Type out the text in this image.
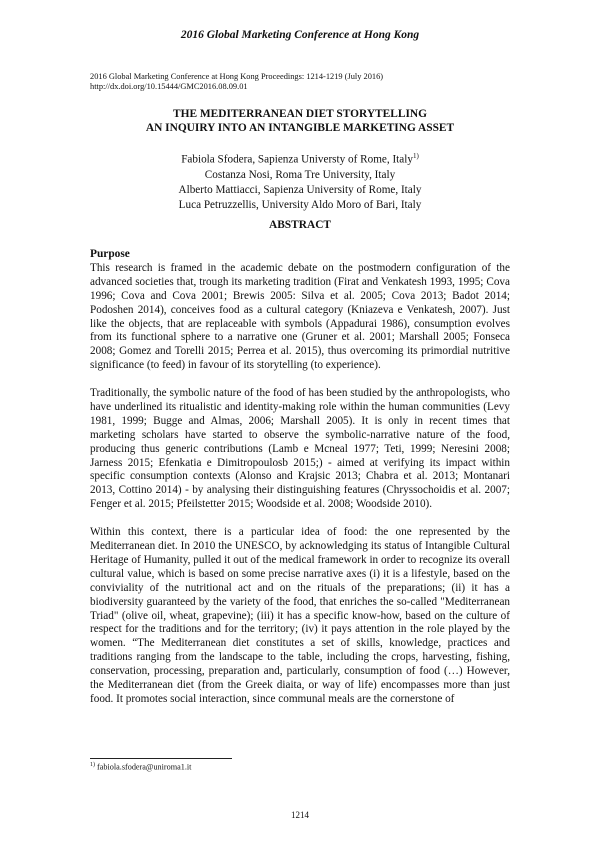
2016 Global Marketing Conference at Hong Kong
2016 Global Marketing Conference at Hong Kong Proceedings: 1214-1219 (July 2016)
http://dx.doi.org/10.15444/GMC2016.08.09.01
THE MEDITERRANEAN DIET STORYTELLING
AN INQUIRY INTO AN INTANGIBLE MARKETING ASSET
Fabiola Sfodera, Sapienza Universty of Rome, Italy$^{1)}$
Costanza Nosi, Roma Tre University, Italy
Alberto Mattiacci, Sapienza University of Rome, Italy
Luca Petruzzellis, University Aldo Moro of Bari, Italy
ABSTRACT
Purpose

This research is framed in the academic debate on the postmodern configuration of the advanced societies that, trough its marketing tradition (Firat and Venkatesh 1993, 1995; Cova 1996; Cova and Cova 2001; Brewis 2005: Silva et al. 2005; Cova 2013; Badot 2014; Podoshen 2014), conceives food as a cultural category (Kniazeva e Venkatesh, 2007). Just like the objects, that are replaceable with symbols (Appadurai 1986), consumption evolves from its functional sphere to a narrative one (Gruner et al. 2001; Marshall 2005; Fonseca 2008; Gomez and Torelli 2015; Perrea et al. 2015), thus overcoming its primordial nutritive significance (to feed) in favour of its storytelling (to experience).

Traditionally, the symbolic nature of the food of has been studied by the anthropologists, who have underlined its ritualistic and identity-making role within the human communities (Levy 1981, 1999; Bugge and Almas, 2006; Marshall 2005). It is only in recent times that marketing scholars have started to observe the symbolic-narrative nature of the food, producing thus generic contributions (Lamb e Mcneal 1977; Teti, 1999; Neresini 2008; Jarness 2015; Efenkatia e Dimitropoulosb 2015;) - aimed at verifying its impact within specific consumption contexts (Alonso and Krajsic 2013; Chabra et al. 2013; Montanari 2013, Cottino 2014) - by analysing their distinguishing features (Chryssochoidis et al. 2007; Fenger et al. 2015; Pfeilstetter 2015; Woodside et al. 2008; Woodside 2010).

Within this context, there is a particular idea of food: the one represented by the Mediterranean diet. In 2010 the UNESCO, by acknowledging its status of Intangible Cultural Heritage of Humanity, pulled it out of the medical framework in order to recognize its overall cultural value, which is based on some precise narrative axes (i) it is a lifestyle, based on the conviviality of the nutritional act and on the rituals of the preparations; (ii) it has a biodiversity guaranteed by the variety of the food, that enriches the so-called "Mediterranean Triad" (olive oil, wheat, grapevine); (iii) it has a specific know-how, based on the culture of respect for the traditions and for the territory; (iv) it pays attention in the role played by the women. “The Mediterranean diet constitutes a set of skills, knowledge, practices and traditions ranging from the landscape to the table, including the crops, harvesting, fishing, conservation, processing, preparation and, particularly, consumption of food (…) However, the Mediterranean diet (from the Greek diaita, or way of life) encompasses more than just food. It promotes social interaction, since communal meals are the cornerstone of

$^{1)}$ fabiola.sfodera@uniroma1.it
1214
